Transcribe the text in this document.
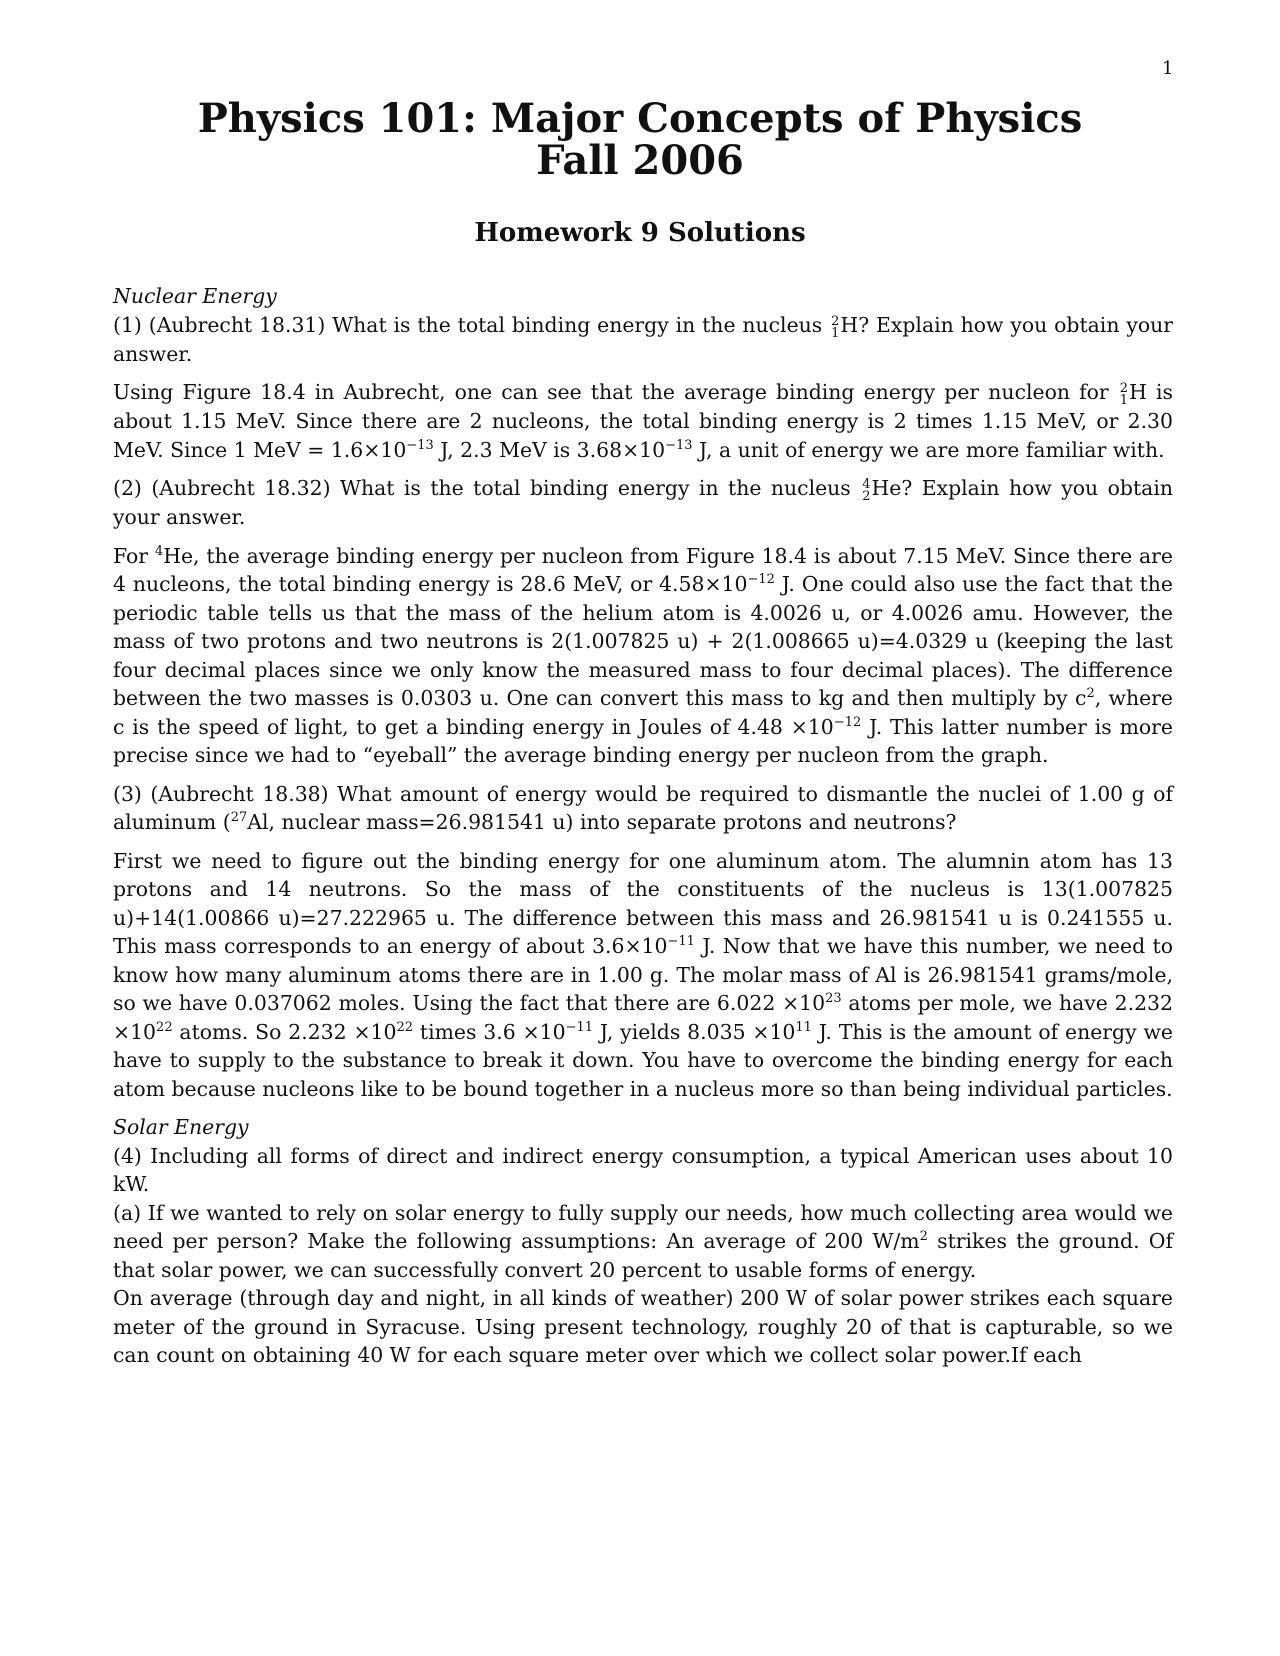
1
Physics 101: Major Concepts of Physics
Fall 2006
Homework 9 Solutions

Nuclear Energy

(1) (Aubrecht 18.31) What is the total binding energy in the nucleus 2
1 H? Explain how you obtain your answer.

Using Figure 18.4 in Aubrecht, one can see that the average binding energy per nucleon for 2
1 H is about 1.15 MeV. Since there are 2 nucleons, the total binding energy is 2 times 1.15 MeV, or 2.30 MeV. Since 1 MeV = $1.6\times 10^{-13}$ J, 2.3 MeV is $3.68\times 10^{-13}$ J, a unit of energy we are more familiar with.

(2) (Aubrecht 18.32) What is the total binding energy in the nucleus 4
2 He? Explain how you obtain your answer.

For $^4$He, the average binding energy per nucleon from Figure 18.4 is about 7.15 MeV. Since there are 4 nucleons, the total binding energy is 28.6 MeV, or $4.58\times 10^{-12}$ J. One could also use the fact that the periodic table tells us that the mass of the helium atom is 4.0026 u, or 4.0026 amu. However, the mass of two protons and two neutrons is 2(1.007825 u) + 2(1.008665 u)=4.0329 u (keeping the last four decimal places since we only know the measured mass to four decimal places). The difference between the two masses is 0.0303 u. One can convert this mass to kg and then multiply by $c^2$, where c is the speed of light, to get a binding energy in Joules of $4.48 \times 10^{-12}$ J. This latter number is more precise since we had to “eyeball” the average binding energy per nucleon from the graph.

(3) (Aubrecht 18.38) What amount of energy would be required to dismantle the nuclei of 1.00 g of aluminum ($^{27}$Al, nuclear mass=26.981541 u) into separate protons and neutrons?

First we need to figure out the binding energy for one aluminum atom. The alumnin atom has 13 protons and 14 neutrons. So the mass of the constituents of the nucleus is 13(1.007825 u)+14(1.00866 u)=27.222965 u. The difference between this mass and 26.981541 u is 0.241555 u. This mass corresponds to an energy of about $3.6\times 10^{-11}$ J. Now that we have this number, we need to know how many aluminum atoms there are in 1.00 g. The molar mass of Al is 26.981541 grams/mole, so we have 0.037062 moles. Using the fact that there are $6.022 \times 10^{23}$ atoms per mole, we have $2.232 \times 10^{22}$ atoms. So $2.232 \times 10^{22}$ times $3.6 \times 10^{-11}$ J, yields $8.035 \times 10^{11}$ J. This is the amount of energy we have to supply to the substance to break it down. You have to overcome the binding energy for each atom because nucleons like to be bound together in a nucleus more so than being individual particles.

Solar Energy

(4) Including all forms of direct and indirect energy consumption, a typical American uses about 10 kW.

(a) If we wanted to rely on solar energy to fully supply our needs, how much collecting area would we need per person? Make the following assumptions: An average of 200 $W/m^2$ strikes the ground. Of that solar power, we can successfully convert 20 percent to usable forms of energy.

On average (through day and night, in all kinds of weather) 200 W of solar power strikes each square meter of the ground in Syracuse. Using present technology, roughly 20 of that is capturable, so we can count on obtaining 40 W for each square meter over which we collect solar power.If each
